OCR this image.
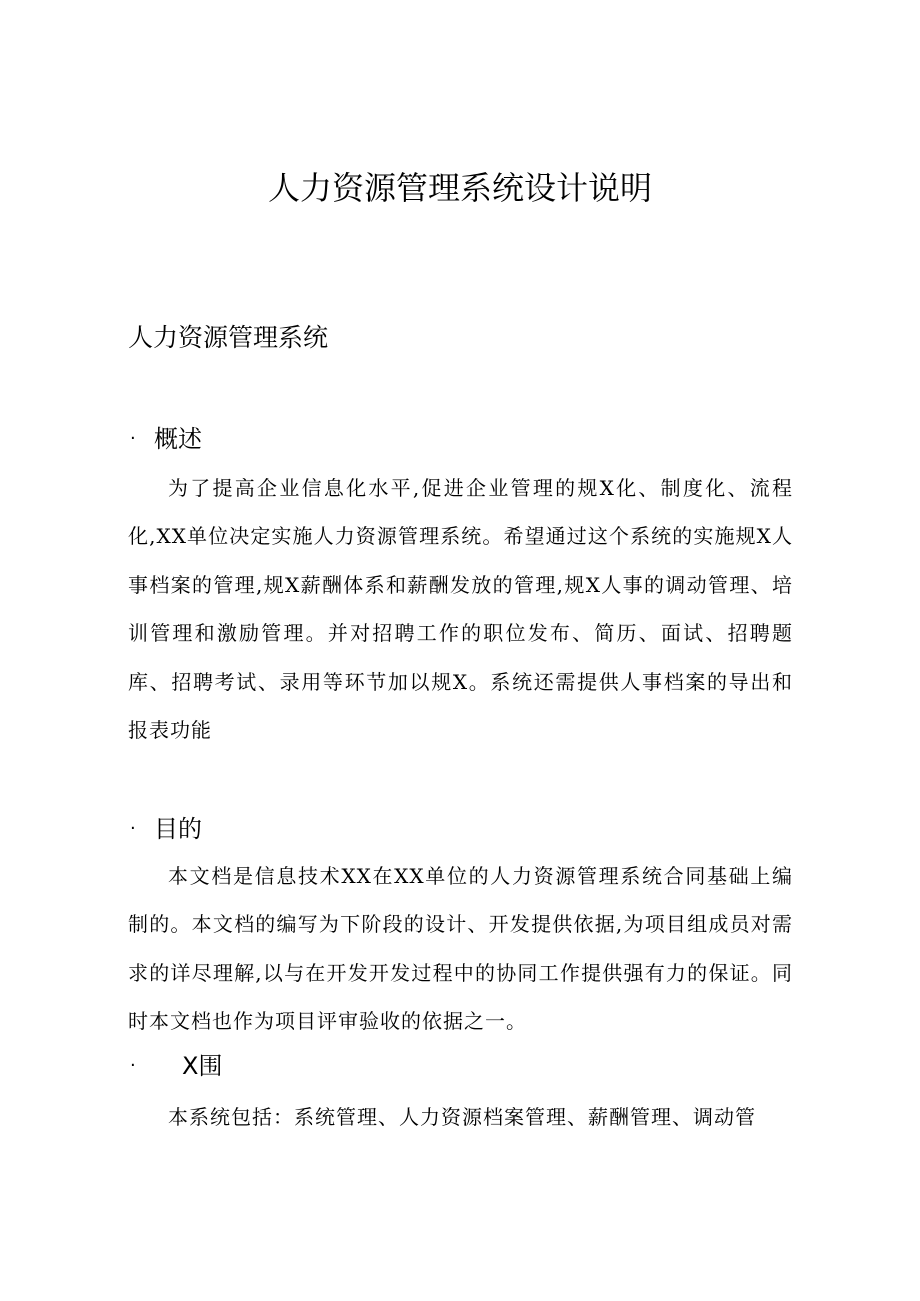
人力资源管理系统设计说明
人力资源管理系统
· 概述

为了提高企业信息化水平,促进企业管理的规X化、制度化、流程化,XX单位决定实施人力资源管理系统。希望通过这个系统的实施规X人事档案的管理,规X薪酬体系和薪酬发放的管理,规X人事的调动管理、培训管理和激励管理。并对招聘工作的职位发布、简历、面试、招聘题库、招聘考试、录用等环节加以规X。系统还需提供人事档案的导出和报表功能

· 目的

本文档是信息技术XX在XX单位的人力资源管理系统合同基础上编制的。本文档的编写为下阶段的设计、开发提供依据,为项目组成员对需求的详尽理解,以与在开发开发过程中的协同工作提供强有力的保证。同时本文档也作为项目评审验收的依据之一。

·	X围

本系统包括：系统管理、人力资源档案管理、薪酬管理、调动管
